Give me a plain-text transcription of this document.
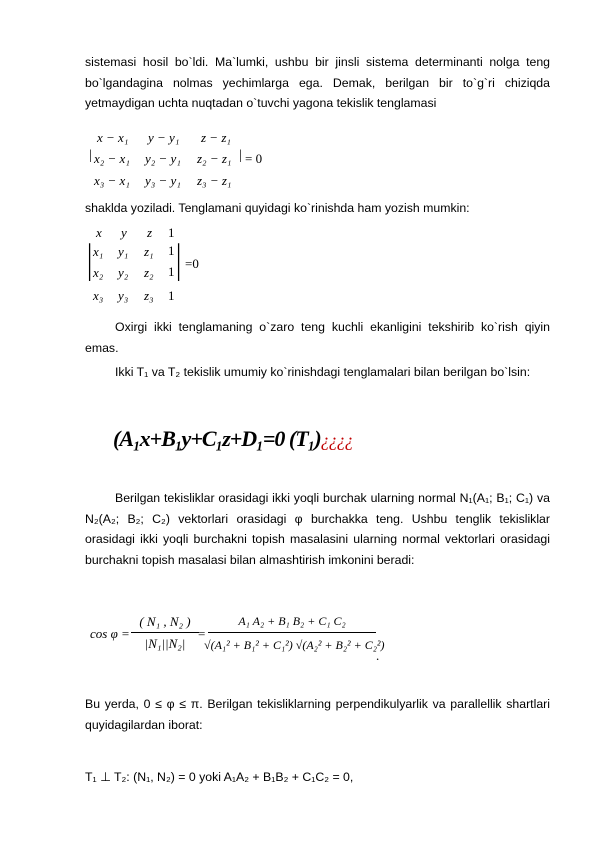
sistemasi hosil bo`ldi. Ma`lumki, ushbu bir jinsli sistema determinanti nolga teng bo`lgandagina nolmas yechimlarga ega. Demak, berilgan bir to`g`ri chiziqda yetmaydigan uchta nuqtadan o`tuvchi yagona tekislik tenglamasi
|	|
x − x₁ y − y₁ z − z₁
x₂ − x₁ y₂ − y₁ z₂ − z₁ = 0
x₃ − x₁ y₃ − y₁ z₃ − z₁
shaklda yoziladi. Tenglamani quyidagi ko`rinishda ham yozish mumkin:
|	|
x y z 1
x₁ y₁ z₁ 1
=0
x₂ y₂ z₂ 1
x₃ y₃ z₃ 1
Oxirgi ikki tenglamaning o`zaro teng kuchli ekanligini tekshirib ko`rish qiyin emas.
Ikki T₁ va T₂ tekislik umumiy ko`rinishdagi tenglamalari bilan berilgan bo`lsin:
(A₁x+B₁y+C₁z+D₁=0 (T₁)¿¿¿¿
Berilgan tekisliklar orasidagi ikki yoqli burchak ularning normal N₁(A₁; B₁; C₁) va N₂(A₂; B₂; C₂) vektorlari orasidagi φ burchakka teng. Ushbu tenglik tekisliklar orasidagi ikki yoqli burchakni topish masalasini ularning normal vektorlari orasidagi burchakni topish masalasi bilan almashtirish imkonini beradi:
cos φ =
( N₁ , N₂ )
|N₁||N₂|
=
A₁ A₂ + B₁ B₂ + C₁ C₂
√(A₁² + B₁² + C₁²) √(A₂² + B₂² + C₂²)
.
Bu yerda, 0 ≤ φ ≤ π. Berilgan tekisliklarning perpendikulyarlik va parallellik shartlari quyidagilardan iborat:
T₁ ⊥ T₂: (N₁, N₂) = 0 yoki A₁A₂ + B₁B₂ + C₁C₂ = 0,
